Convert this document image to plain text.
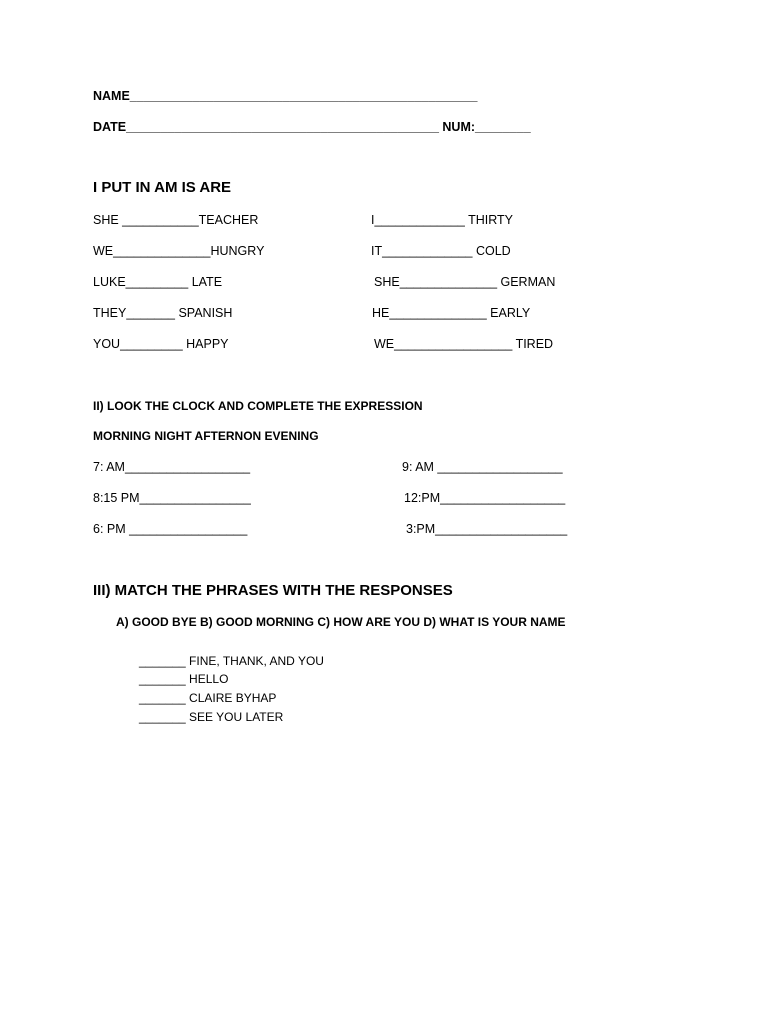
NAME__________________________________________________
DATE_____________________________________________ NUM:________
I PUT IN AM IS ARE
SHE ___________TEACHER
WE______________HUNGRY
LUKE_________ LATE
THEY_______ SPANISH
YOU_________ HAPPY
I_____________ THIRTY
IT_____________ COLD
SHE______________ GERMAN
HE______________ EARLY
WE_________________ TIRED
II) LOOK THE CLOCK AND COMPLETE THE EXPRESSION
MORNING NIGHT AFTERNON EVENING
7: AM__________________
8:15 PM________________
6: PM _________________
9: AM __________________
12:PM__________________
3:PM___________________
III) MATCH THE PHRASES WITH THE RESPONSES
A) GOOD BYE B) GOOD MORNING C) HOW ARE YOU D) WHAT IS YOUR NAME
_______ FINE, THANK, AND YOU
_______ HELLO
_______ CLAIRE BYHAP
_______ SEE YOU LATER
